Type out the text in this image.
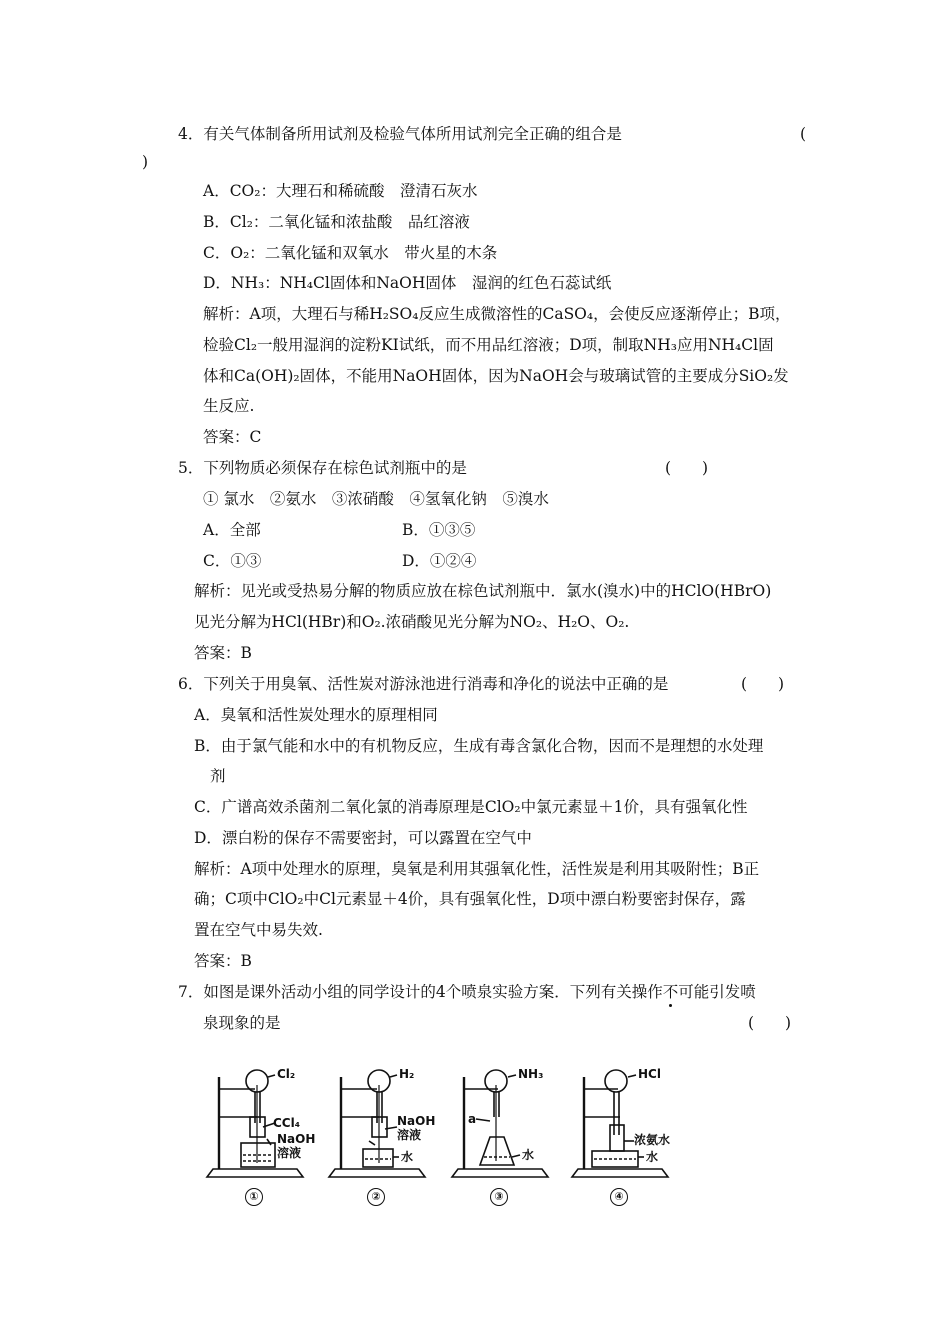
4．有关气体制备所用试剂及检验气体所用试剂完全正确的组合是	(
)
A．CO₂：大理石和稀硫酸　澄清石灰水
B．Cl₂：二氧化锰和浓盐酸　品红溶液
C．O₂：二氧化锰和双氧水　带火星的木条
D．NH₃：NH₄Cl固体和NaOH固体　湿润的红色石蕊试纸
解析：A项，大理石与稀H₂SO₄反应生成微溶性的CaSO₄，会使反应逐渐停止；B项，
检验Cl₂一般用湿润的淀粉KI试纸，而不用品红溶液；D项，制取NH₃应用NH₄Cl固
体和Ca(OH)₂固体，不能用NaOH固体，因为NaOH会与玻璃试管的主要成分SiO₂发
生反应.
答案：C
5．下列物质必须保存在棕色试剂瓶中的是	(　　)
① 氯水　②氨水　③浓硝酸　④氢氧化钠　⑤溴水
A．全部	B．①③⑤
C．①③	D．①②④
解析：见光或受热易分解的物质应放在棕色试剂瓶中．氯水(溴水)中的HClO(HBrO)
见光分解为HCl(HBr)和O₂.浓硝酸见光分解为NO₂、H₂O、O₂.
答案：B
6．下列关于用臭氧、活性炭对游泳池进行消毒和净化的说法中正确的是	(　　)
A．臭氧和活性炭处理水的原理相同
B．由于氯气能和水中的有机物反应，生成有毒含氯化合物，因而不是理想的水处理
剂
C．广谱高效杀菌剂二氧化氯的消毒原理是ClO₂中氯元素显＋1价，具有强氧化性
D．漂白粉的保存不需要密封，可以露置在空气中
解析：A项中处理水的原理，臭氧是利用其强氧化性，活性炭是利用其吸附性；B正
确；C项中ClO₂中Cl元素显＋4价，具有强氧化性，D项中漂白粉要密封保存，露
置在空气中易失效.
答案：B
7．如图是课外活动小组的同学设计的4个喷泉实验方案．下列有关操作不可能引发喷
泉现象的是	(　　)
Cl₂
CCl₄
NaOH
溶液
①
H₂
NaOH
溶液
水
②
NH₃
a
水
③
HCl
浓氨水
水
④
